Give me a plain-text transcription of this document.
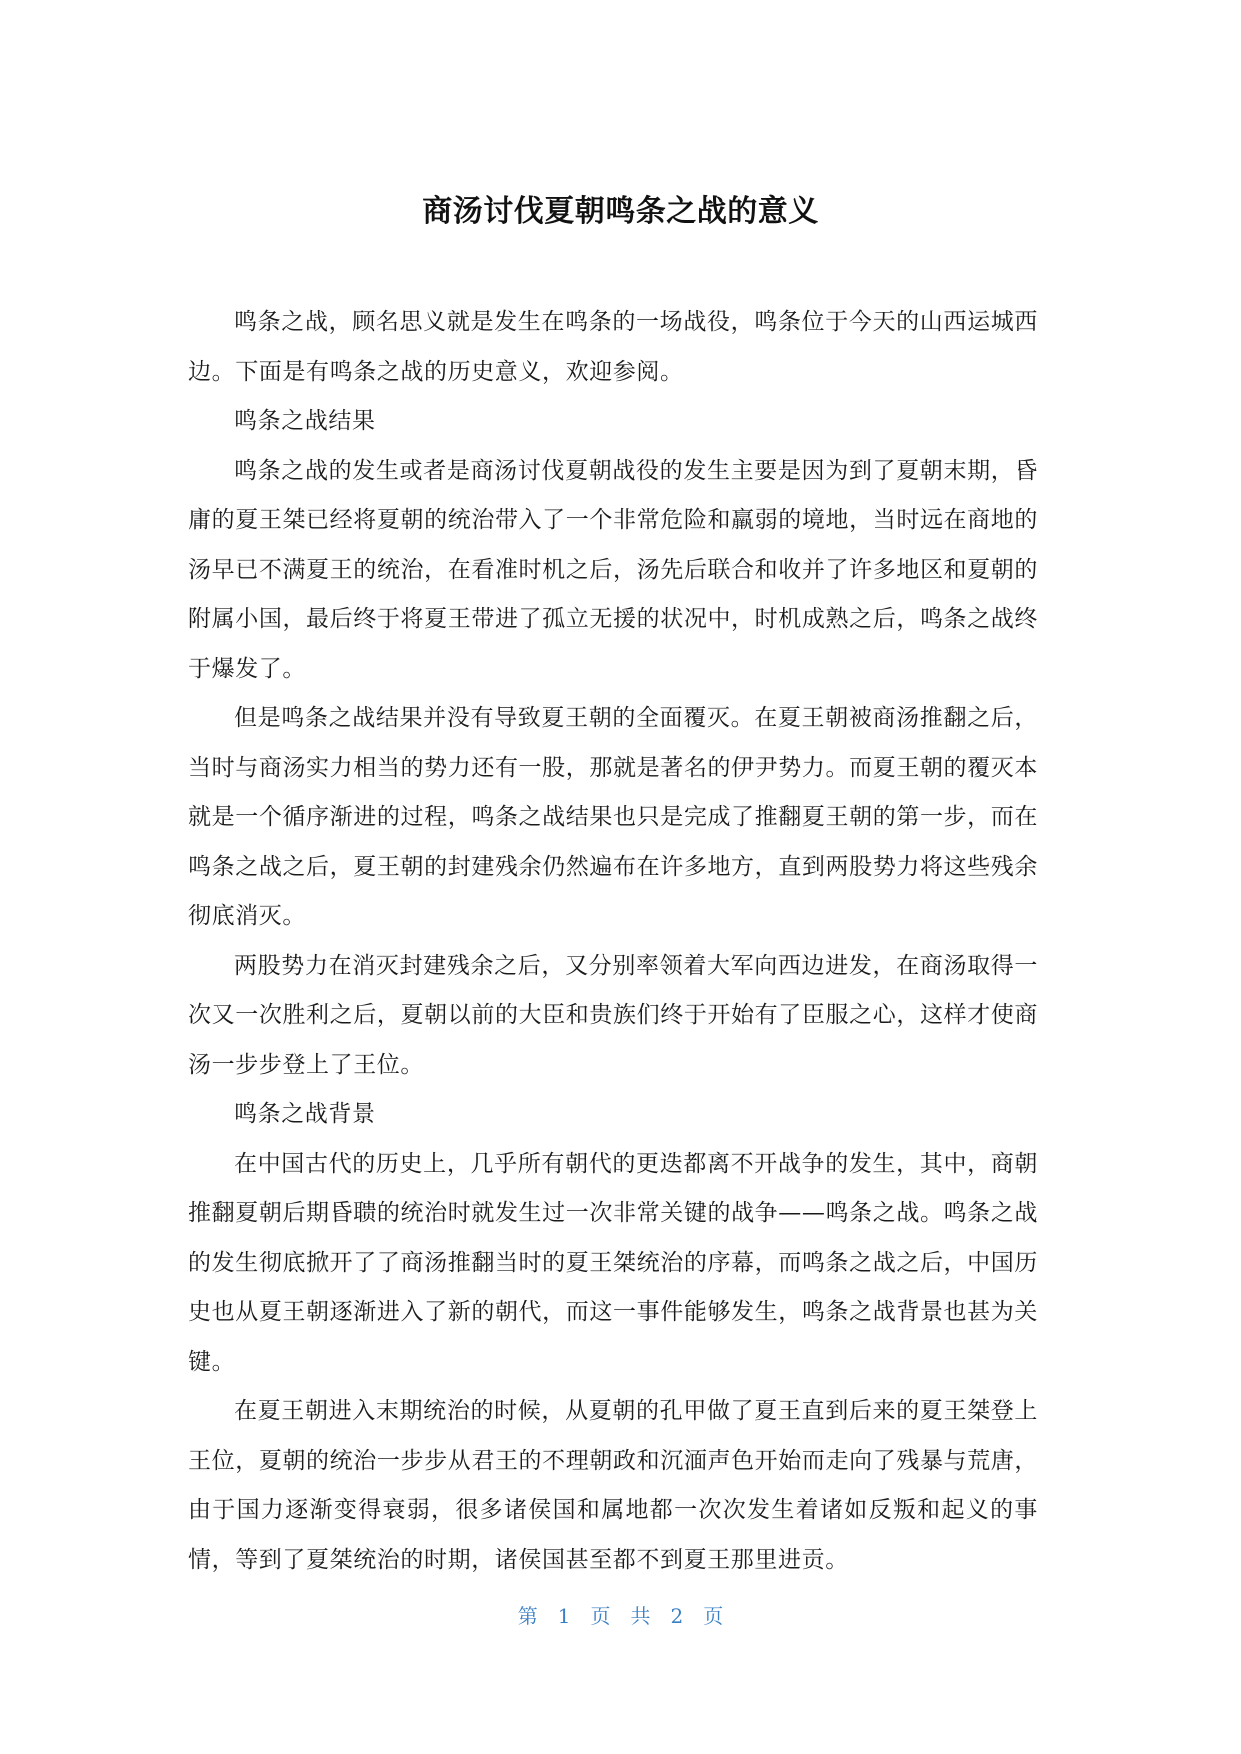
商汤讨伐夏朝鸣条之战的意义

鸣条之战，顾名思义就是发生在鸣条的一场战役，鸣条位于今天的山西运城西边。下面是有鸣条之战的历史意义，欢迎参阅。

鸣条之战结果

鸣条之战的发生或者是商汤讨伐夏朝战役的发生主要是因为到了夏朝末期，昏庸的夏王桀已经将夏朝的统治带入了一个非常危险和羸弱的境地，当时远在商地的汤早已不满夏王的统治，在看准时机之后，汤先后联合和收并了许多地区和夏朝的附属小国，最后终于将夏王带进了孤立无援的状况中，时机成熟之后，鸣条之战终于爆发了。

但是鸣条之战结果并没有导致夏王朝的全面覆灭。在夏王朝被商汤推翻之后，当时与商汤实力相当的势力还有一股，那就是著名的伊尹势力。而夏王朝的覆灭本就是一个循序渐进的过程，鸣条之战结果也只是完成了推翻夏王朝的第一步，而在鸣条之战之后，夏王朝的封建残余仍然遍布在许多地方，直到两股势力将这些残余彻底消灭。

两股势力在消灭封建残余之后，又分别率领着大军向西边进发，在商汤取得一次又一次胜利之后，夏朝以前的大臣和贵族们终于开始有了臣服之心，这样才使商汤一步步登上了王位。

鸣条之战背景

在中国古代的历史上，几乎所有朝代的更迭都离不开战争的发生，其中，商朝推翻夏朝后期昏聩的统治时就发生过一次非常关键的战争——鸣条之战。鸣条之战的发生彻底掀开了了商汤推翻当时的夏王桀统治的序幕，而鸣条之战之后，中国历史也从夏王朝逐渐进入了新的朝代，而这一事件能够发生，鸣条之战背景也甚为关键。

在夏王朝进入末期统治的时候，从夏朝的孔甲做了夏王直到后来的夏王桀登上王位，夏朝的统治一步步从君王的不理朝政和沉湎声色开始而走向了残暴与荒唐，由于国力逐渐变得衰弱，很多诸侯国和属地都一次次发生着诸如反叛和起义的事情，等到了夏桀统治的时期，诸侯国甚至都不到夏王那里进贡。

第 1 页 共 2 页
